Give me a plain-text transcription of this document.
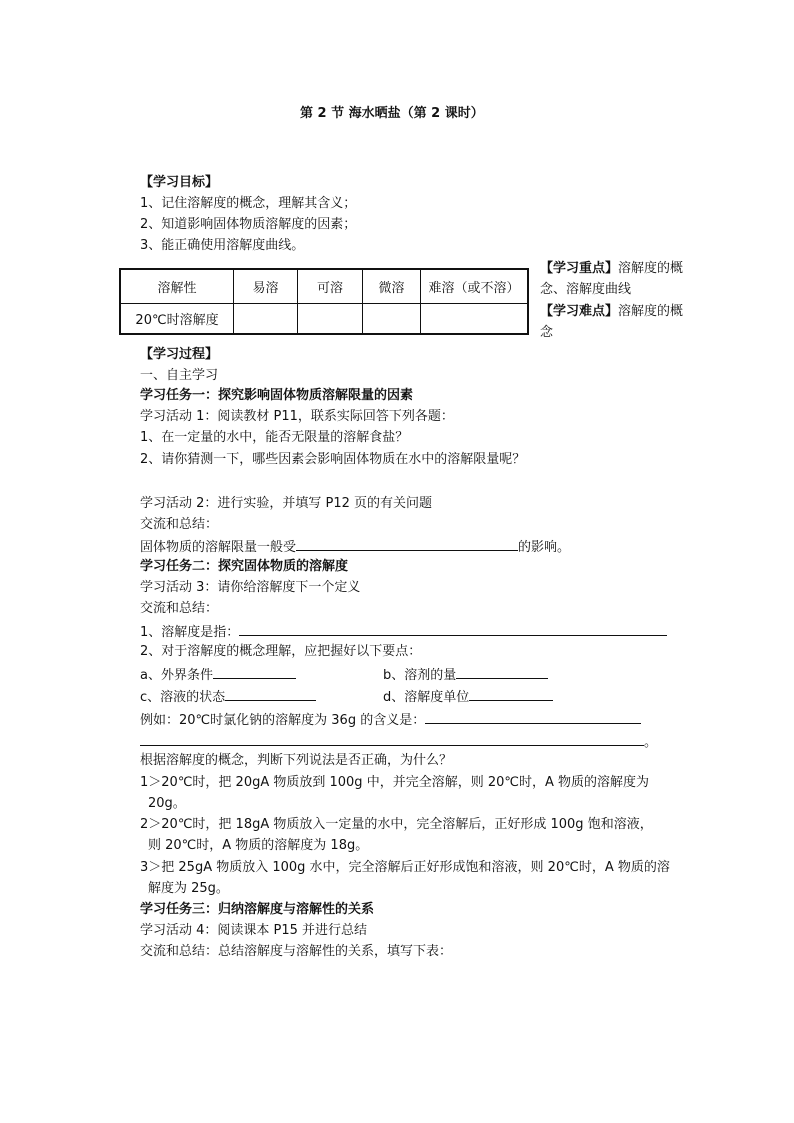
第 2 节 海水晒盐（第 2 课时）
【学习目标】
1、记住溶解度的概念，理解其含义；
2、知道影响固体物质溶解度的因素；
3、能正确使用溶解度曲线。
溶解性	易溶	可溶	微溶	难溶（或不溶）
20℃时溶解度				
【学习重点】溶解度的概念、溶解度曲线
【学习难点】溶解度的概念
【学习过程】
一、自主学习
学习任务一：探究影响固体物质溶解限量的因素
学习活动 1：阅读教材 P11，联系实际回答下列各题：
1、在一定量的水中，能否无限量的溶解食盐？
2、请你猜测一下，哪些因素会影响固体物质在水中的溶解限量呢？
学习活动 2：进行实验，并填写 P12 页的有关问题
交流和总结：
固体物质的溶解限量一般受	的影响。
学习任务二：探究固体物质的溶解度
学习活动 3：请你给溶解度下一个定义
交流和总结：
1、溶解度是指：
2、对于溶解度的概念理解，应把握好以下要点：
a、外界条件	b、溶剂的量
c、溶液的状态	d、溶解度单位
例如：20℃时氯化钠的溶解度为 36g 的含义是：
。
根据溶解度的概念，判断下列说法是否正确，为什么？
1＞20℃时，把 20gA 物质放到 100g 中，并完全溶解，则 20℃时，A 物质的溶解度为
20g。
2＞20℃时，把 18gA 物质放入一定量的水中，完全溶解后，正好形成 100g 饱和溶液，
则 20℃时，A 物质的溶解度为 18g。
3＞把 25gA 物质放入 100g 水中，完全溶解后正好形成饱和溶液，则 20℃时，A 物质的溶
解度为 25g。
学习任务三：归纳溶解度与溶解性的关系
学习活动 4：阅读课本 P15 并进行总结
交流和总结：总结溶解度与溶解性的关系，填写下表：
